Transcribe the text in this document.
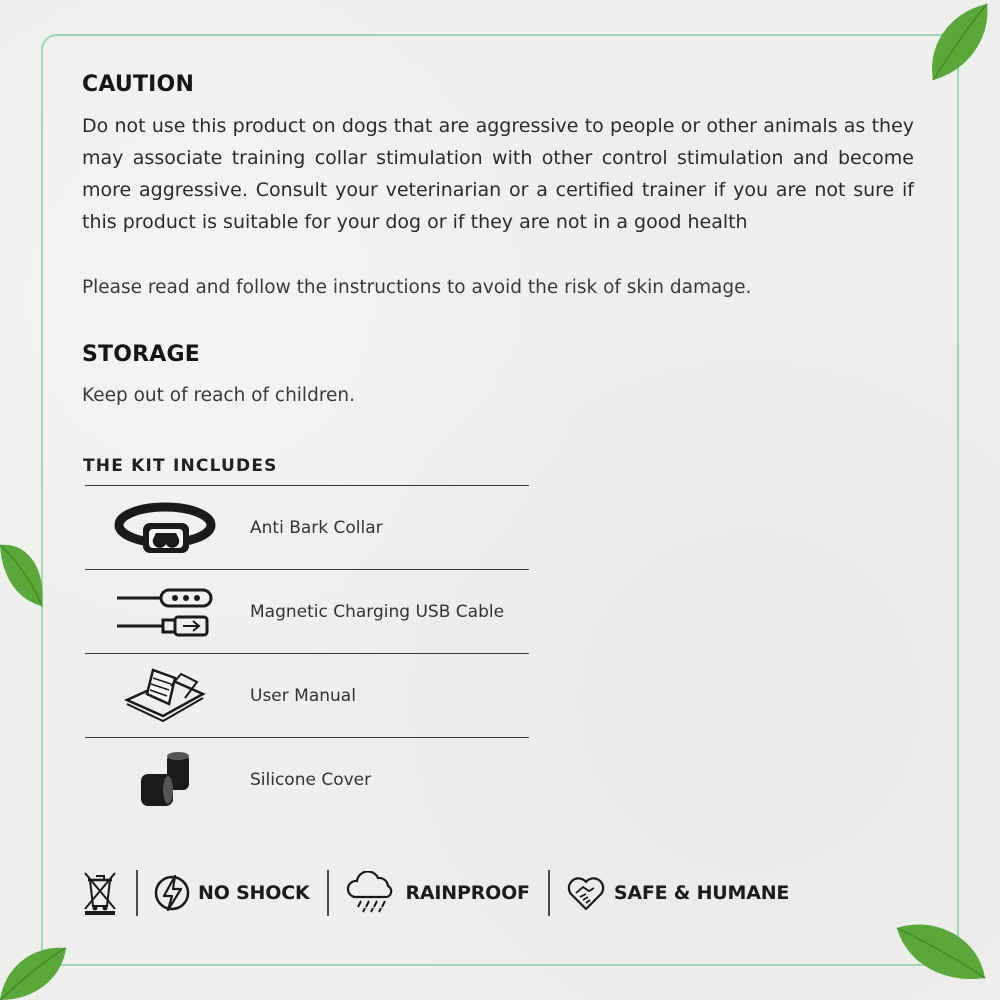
CAUTION

Do not use this product on dogs that are aggressive to people or other animals as they may associate training collar stimulation with other control stimulation and become more aggressive. Consult your veterinarian or a certified trainer if you are not sure if this product is suitable for your dog or if they are not in a good health

Please read and follow the instructions to avoid the risk of skin damage.

STORAGE

Keep out of reach of children.

THE KIT INCLUDES
Anti Bark Collar
Magnetic Charging USB Cable
User Manual
Silicone Cover
NO SHOCK	RAINPROOF	SAFE & HUMANE
